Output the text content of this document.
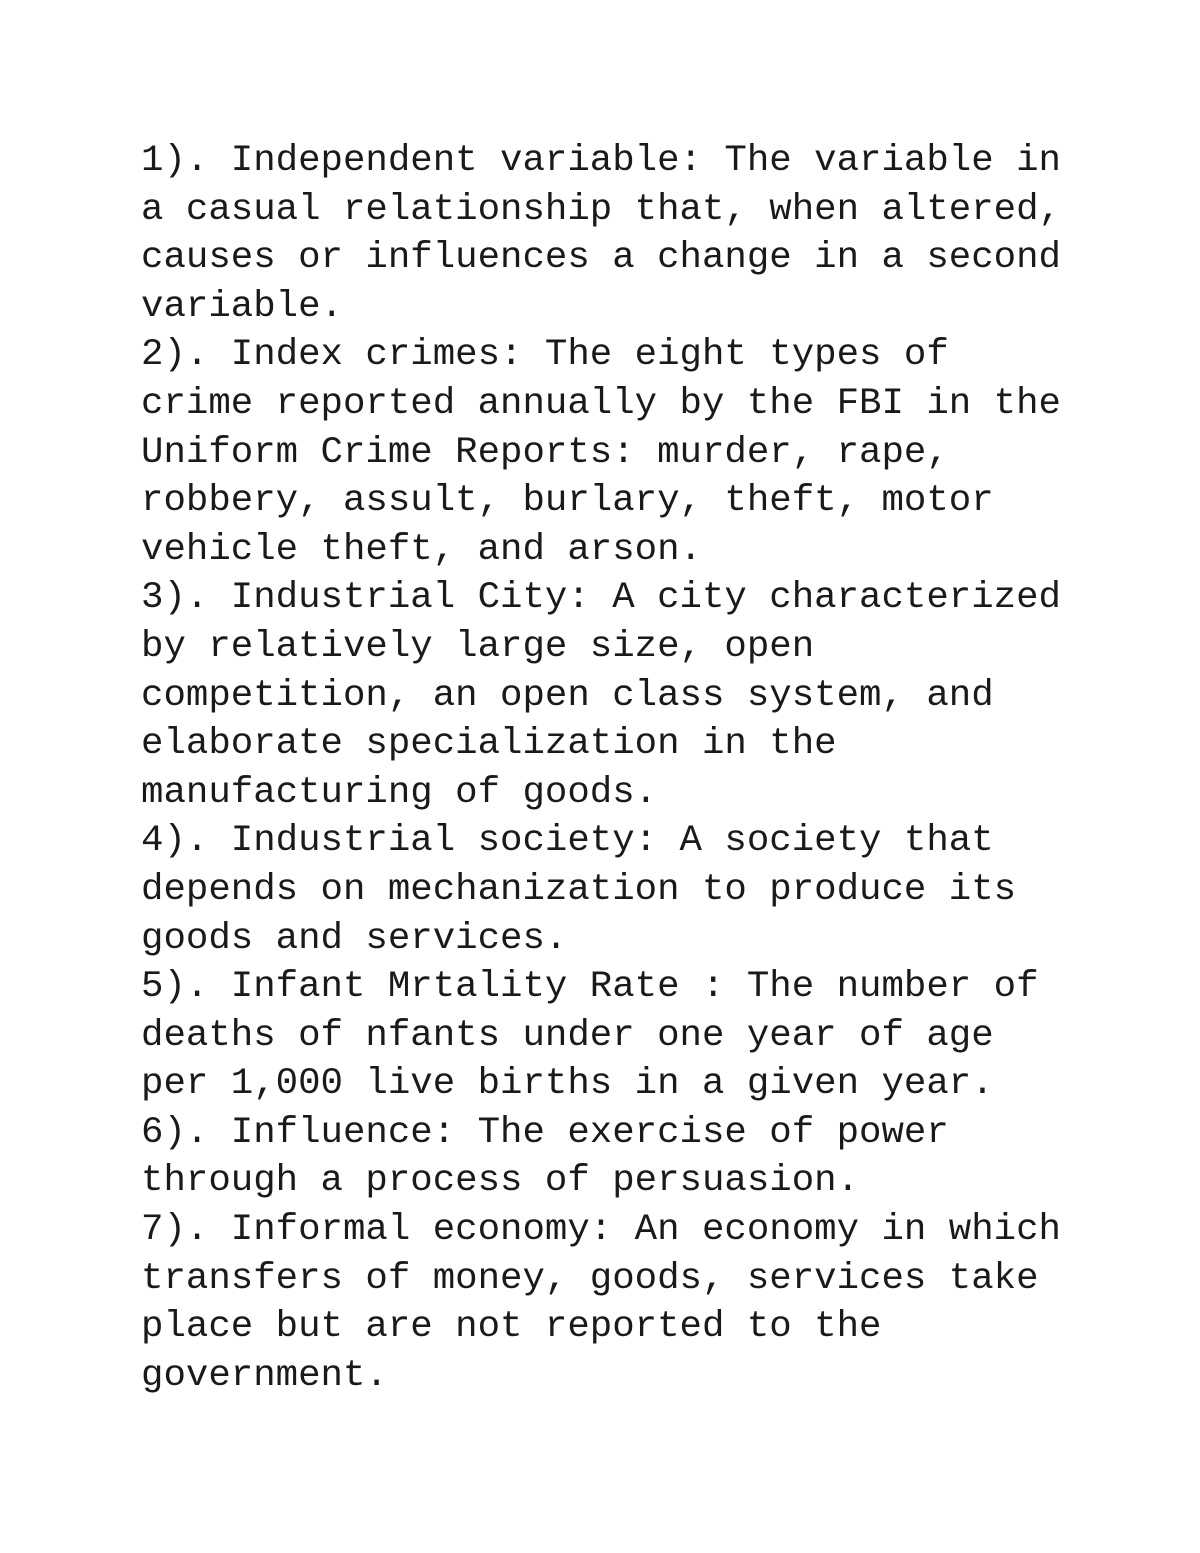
1). Independent variable: The variable in
a casual relationship that, when altered,
causes or influences a change in a second
variable.
2). Index crimes: The eight types of
crime reported annually by the FBI in the
Uniform Crime Reports: murder, rape,
robbery, assult, burlary, theft, motor
vehicle theft, and arson.
3). Industrial City: A city characterized
by relatively large size, open
competition, an open class system, and
elaborate specialization in the
manufacturing of goods.
4). Industrial society: A society that
depends on mechanization to produce its
goods and services.
5). Infant Mrtality Rate : The number of
deaths of nfants under one year of age
per 1,000 live births in a given year.
6). Influence: The exercise of power
through a process of persuasion.
7). Informal economy: An economy in which
transfers of money, goods, services take
place but are not reported to the
government.
